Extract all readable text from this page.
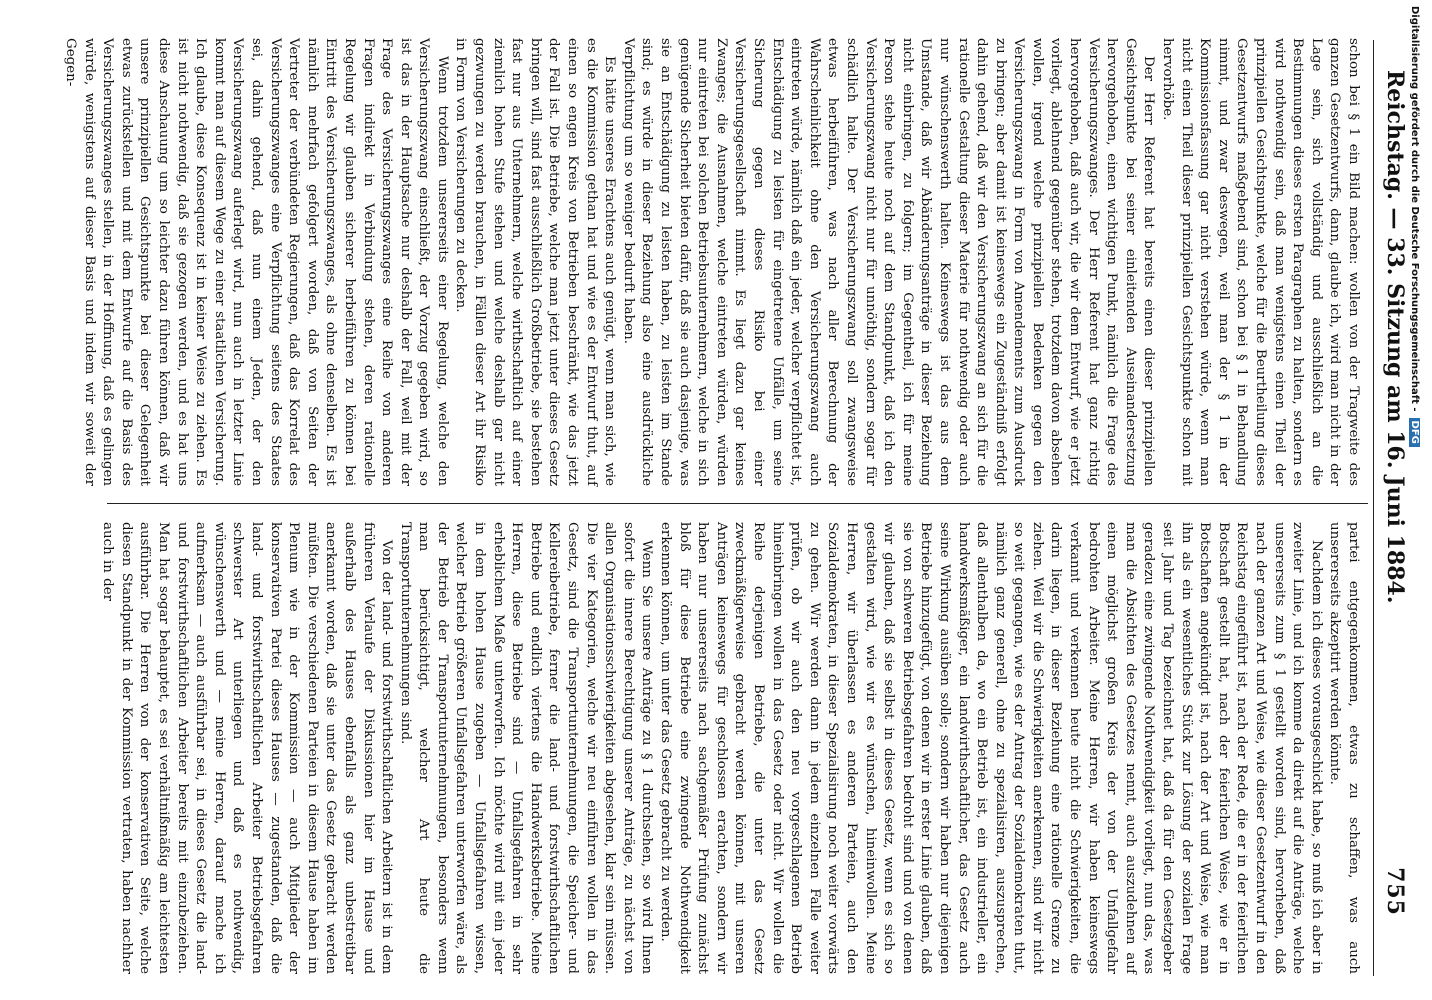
Reichstag. — 33. Sitzung am 16. Juni 1884.
755

schon bei § 1 ein Bild machen: wollen von der Tragweite des ganzen Gesetzentwurfs, dann, glaube ich, wird man nicht in der Lage sein, sich vollständig und ausschließlich an die Bestimmungen dieses ersten Paragraphen zu halten, sondern es wird nothwendig sein, daß man wenigstens einen Theil der prinzipiellen Gesichtspunkte, welche für die Beurtheilung dieses Gesetzentwurfs maßgebend sind, schon bei § 1 in Behandlung nimmt, und zwar deswegen, weil man der § 1 in der Kommissionsfassung gar nicht verstehen würde, wenn man nicht einen Theil dieser prinzipiellen Gesichtspunkte schon mit hervorhöbe.

Der Herr Referent hat bereits einen dieser prinzipiellen Gesichtspunkte bei seiner einleitenden Auseinandersetzung hervorgehoben, einen wichtigen Punkt, nämlich die Frage des Versicherungszwanges. Der Herr Referent hat ganz richtig hervorgehoben, daß auch wir, die wir dem Entwurf, wie er jetzt vorliegt, ablehnend gegenüber stehen, trotzdem davon absehen wollen, irgend welche prinzipiellen Bedenken gegen den Versicherungszwang in Form von Amendements zum Ausdruck zu bringen; aber damit ist keineswegs ein Zugeständniß erfolgt dahin gehend, daß wir den Versicherungszwang an sich für die rationelle Gestaltung dieser Materie für nothwendig oder auch nur wünschenswerth halten. Keineswegs ist das aus dem Umstande, daß wir Abänderungsanträge in dieser Beziehung nicht einbringen, zu folgern; im Gegentheil, ich für meine Person stehe heute noch auf dem Standpunkt, daß ich den Versicherungszwang nicht nur für unnöthig, sondern sogar für schädlich halte. Der Versicherungszwang soll zwangsweise etwas herbeiführen, was nach aller Berechnung der Wahrscheinlichkeit ohne den Versicherungszwang auch eintreten würde, nämlich daß ein jeder, welcher verpflichtet ist, Entschädigung zu leisten für eingetretene Unfälle, um seine Sicherung gegen dieses Risiko bei einer Versicherungsgesellschaft nimmt. Es liegt dazu gar keines Zwanges; die Ausnahmen, welche eintreten würden, würden nur eintreten bei solchen Betriebsunternehmern, welche in sich genügende Sicherheit bieten dafür, daß sie auch dasjenige, was sie an Entschädigung zu leisten haben, zu leisten im Stande sind; es würde in dieser Beziehung also eine ausdrückliche Verpflichtung um so weniger bedurft haben.

Es hätte unseres Erachtens auch genügt, wenn man sich, wie es die Kommission gethan hat und wie es der Entwurf thut, auf einen so engen Kreis von Betrieben beschränkt, wie das jetzt der Fall ist. Die Betriebe, welche man jetzt unter dieses Gesetz bringen will, sind fast ausschließlich Großbetriebe, sie bestehen fast nur aus Unternehmern, welche wirthschaftlich auf einer ziemlich hohen Stufe stehen und welche deshalb gar nicht gezwungen zu werden brauchen, in Fällen dieser Art ihr Risiko in Form von Versicherungen zu decken.

Wenn trotzdem unsererseits einer Regelung, welche den Versicherungszwang einschließt, der Vorzug gegeben wird, so ist das in der Hauptsache nur deshalb der Fall, weil mit der Frage des Versicherungszwanges eine Reihe von anderen Fragen indirekt in Verbindung stehen, deren rationelle Regelung wir glauben sicherer herbeiführen zu können bei Eintritt des Versicherungszwanges, als ohne denselben. Es ist nämlich mehrfach gefolgert worden, daß von Seiten der Vertreter der verbündeten Regierungen, daß das Korrelat des Versicherungszwanges eine Verpflichtung seitens des Staates sei, dahin gehend, daß nun einem Jeden, der den Versicherungszwang auferlegt wird, nun auch in letzter Linie kommt man auf diesem Wege zu einer staatlichen Versicherung. Ich glaube, diese Konsequenz ist in keiner Weise zu ziehen. Es ist nicht nothwendig, daß sie gezogen werden, und es hat uns diese Anschauung um so leichter dazu führen können, daß wir unsere prinzipiellen Gesichtspunkte bei dieser Gelegenheit etwas zurückstellen und mit dem Entwurfe auf die Basis des Versicherungszwanges stellen, in der Hoffnung, daß es gelingen würde, wenigstens auf dieser Basis und indem wir soweit der Gegen-

partei entgegenkommen, etwas zu schaffen, was auch unsererseits akzeptirt werden könnte.

Nachdem ich dieses vorausgeschickt habe, so muß ich aber in zweiter Linie, und ich komme da direkt auf die Anträge, welche unsererseits zum § 1 gestellt worden sind, hervorheben, daß nach der ganzen Art und Weise, wie dieser Gesetzentwurf in den Reichstag eingeführt ist, nach der Rede, die er in der feierlichen Botschaft gestellt hat, nach der feierlichen Weise, wie er in Botschaften angekündigt ist, nach der Art und Weise, wie man ihn als ein wesentliches Stück zur Lösung der sozialen Frage seit Jahr und Tag bezeichnet hat, daß da für den Gesetzgeber geradezu eine zwingende Nothwendigkeit vorliegt, nun das, was man die Absichten des Gesetzes nennt, auch auszudehnen auf einen möglichst großen Kreis der von der Unfallgefahr bedrohten Arbeiter. Meine Herren, wir haben keineswegs verkannt und verkennen heute nicht die Schwierigkeiten, die darin liegen, in dieser Beziehung eine rationelle Grenze zu ziehen. Weil wir die Schwierigkeiten anerkennen, sind wir nicht so weit gegangen, wie es der Antrag der Sozialdemokraten thut, nämlich ganz generell, ohne zu spezialisiren, auszusprechen, daß allenthalben da, wo ein Betrieb ist, ein industrieller, ein handwerksmäßiger, ein landwirthschaftlicher, das Gesetz auch seine Wirkung ausüben solle; sondern wir haben nur diejenigen Betriebe hinzugefügt, von denen wir in erster Linie glauben, daß sie von schweren Betriebsgefahren bedroht sind und von denen wir glauben, daß sie selbst in dieses Gesetz, wenn es sich so gestalten wird, wie wir es wünschen, hineinwollen. Meine Herren, wir überlassen es anderen Parteien, auch den Sozialdemokraten, in dieser Spezialisirung noch weiter vorwärts zu gehen. Wir werden dann in jedem einzelnen Falle weiter prüfen, ob wir auch den neu vorgeschlagenen Betrieb hineinbringen wollen in das Gesetz oder nicht. Wir wollen die Reihe derjenigen Betriebe, die unter das Gesetz zweckmäßigerweise gebracht werden können, mit unseren Anträgen keineswegs für geschlossen erachten, sondern wir haben nur unsererseits nach sachgemäßer Prüfung zunächst bloß für diese Betriebe eine zwingende Nothwendigkeit erkennen können, um unter das Gesetz gebracht zu werden.

Wenn Sie unsere Anträge zu § 1 durchsehen, so wird Ihnen sofort die innere Berechtigung unserer Anträge, zu nächst von allen Organisationsschwierigkeiten abgesehen, klar sein müssen. Die vier Kategorien, welche wir neu einführen wollen in das Gesetz, sind die Transportunternehmungen, die Speicher- und Kellereibetriebe, ferner die land- und forstwirthschaftlichen Betriebe und endlich viertens die Handwerksbetriebe. Meine Herren, diese Betriebe sind — Unfallsgefahren in sehr erheblichem Maße unterworfen. Ich möchte wird mit ein jeder in dem hohen Hause zugeben — Unfallsgefahren wissen, welcher Betrieb größeren Unfallsgefahren unterworfen wäre, als der Betrieb der Transportunternehmungen, besonders wenn man berücksichtigt, welcher Art heute die Transportunternehmungen sind.

Von der land- und forstwirthschaftlichen Arbeitern ist in dem früheren Verlaufe der Diskussionen hier im Hause und außerhalb des Hauses ebenfalls als ganz unbestreitbar anerkannt worden, daß sie unter das Gesetz gebracht werden müßten. Die verschiedenen Parteien in diesem Hause haben im Plenum wie in der Kommission — auch Mitglieder der konservativen Partei dieses Hauses — zugestanden, daß die land- und forstwirthschaftlichen Arbeiter Betriebsgefahren schwerster Art unterliegen und daß es nothwendig, wünschenswerth und — meine Herren, darauf mache ich aufmerksam — auch ausführbar sei, in dieses Gesetz die land- und forstwirthschaftlichen Arbeiter bereits mit einzubeziehen. Man hat sogar behauptet, es sei verhältnißmäßig am leichtesten ausführbar. Die Herren von der konservativen Seite, welche diesen Standpunkt in der Kommission vertraten, haben nachher auch in der

Digitalisierung gefördert durch die Deutsche Forschungsgemeinschaft -DFG
